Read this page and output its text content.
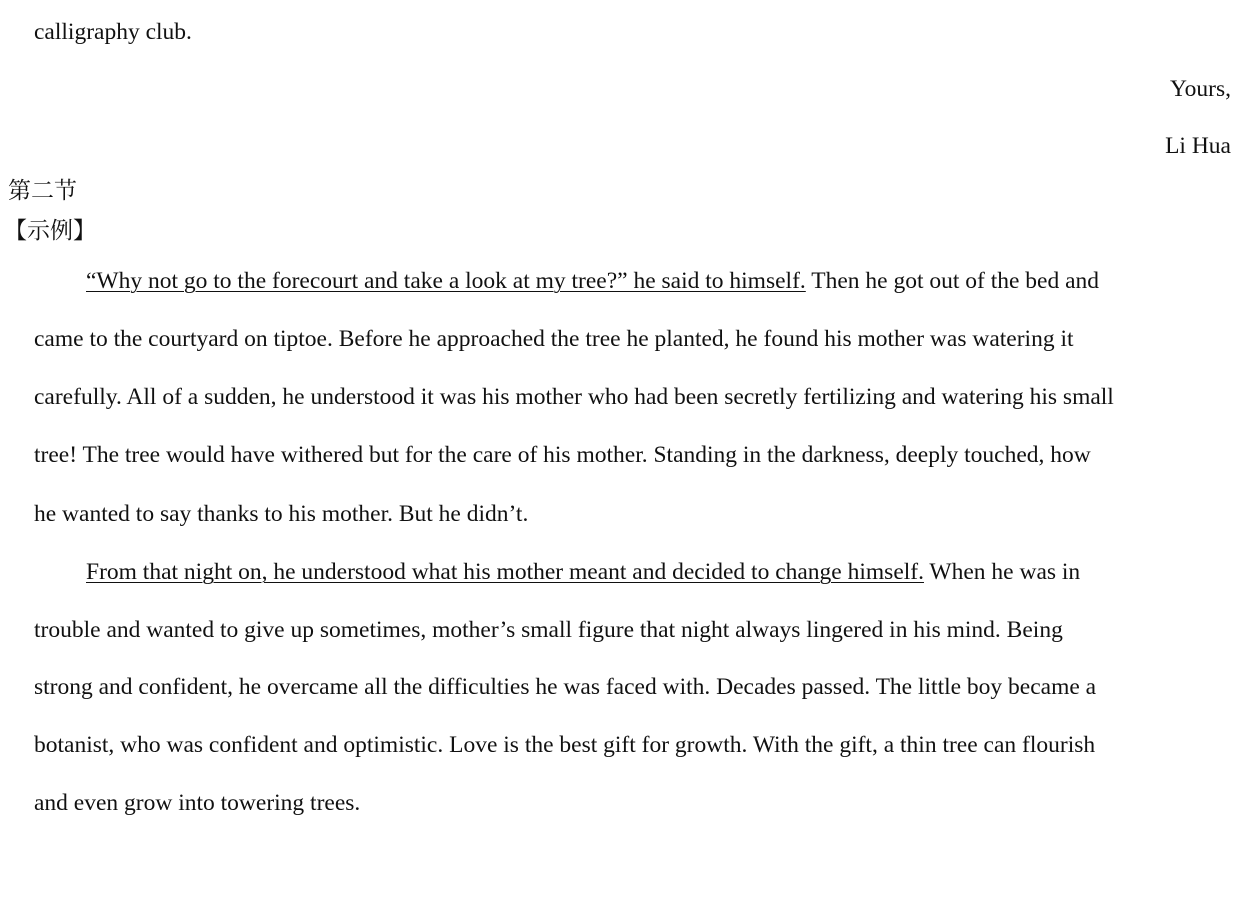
calligraphy club.
Yours,
Li Hua
第二节
【示例】
“Why not go to the forecourt and take a look at my tree?” he said to himself. Then he got out of the bed and
came to the courtyard on tiptoe. Before he approached the tree he planted, he found his mother was watering it
carefully. All of a sudden, he understood it was his mother who had been secretly fertilizing and watering his small
tree! The tree would have withered but for the care of his mother. Standing in the darkness, deeply touched, how
he wanted to say thanks to his mother. But he didn’t.
From that night on, he understood what his mother meant and decided to change himself. When he was in
trouble and wanted to give up sometimes, mother’s small figure that night always lingered in his mind. Being
strong and confident, he overcame all the difficulties he was faced with. Decades passed. The little boy became a
botanist, who was confident and optimistic. Love is the best gift for growth. With the gift, a thin tree can flourish
and even grow into towering trees.
